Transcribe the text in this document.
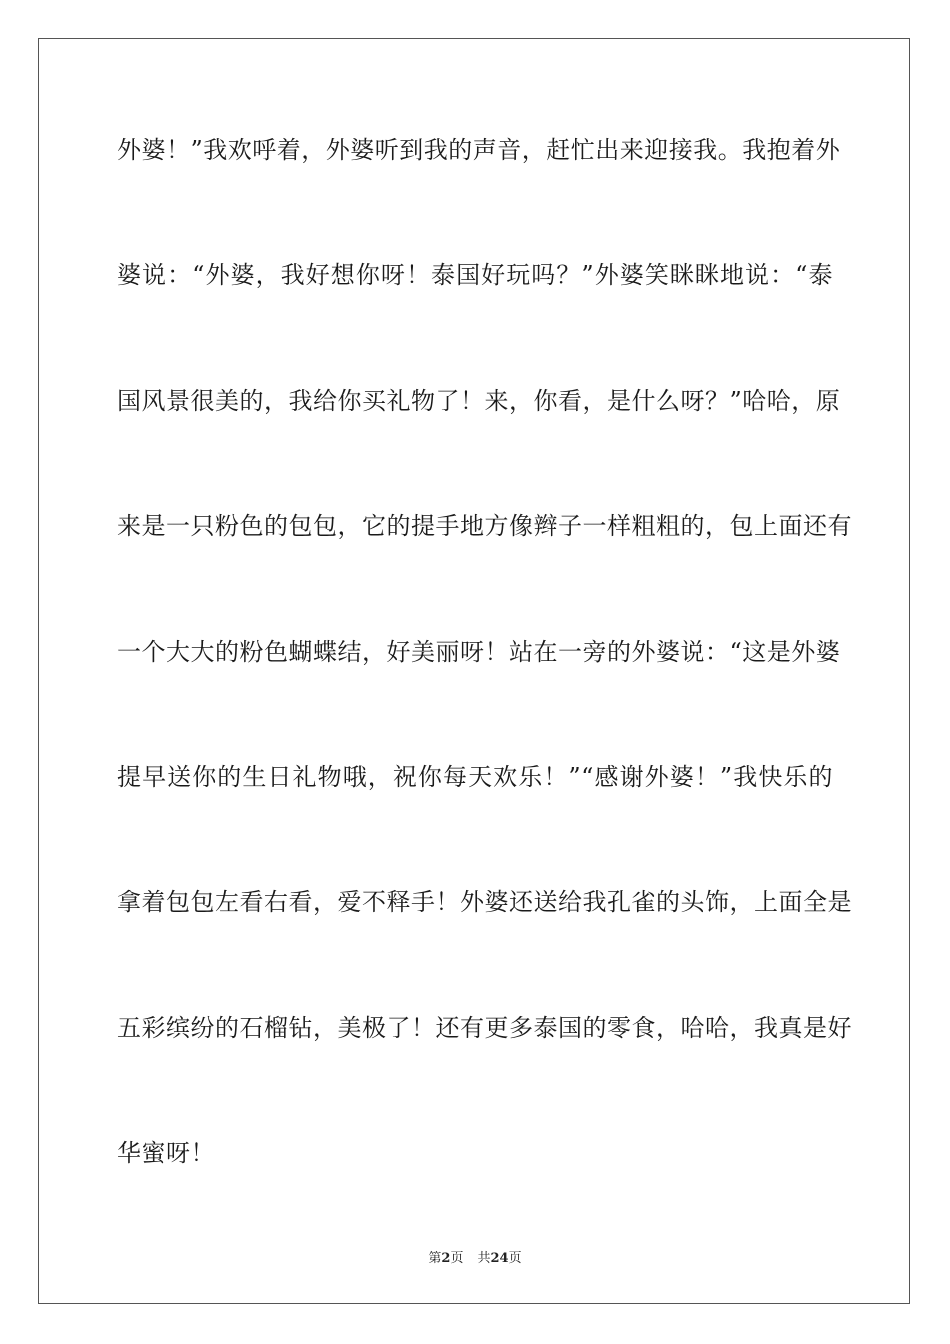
外婆！”我欢呼着，外婆听到我的声音，赶忙出来迎接我。我抱着外
婆说：“外婆，我好想你呀！泰国好玩吗？”外婆笑眯眯地说：“泰
国风景很美的，我给你买礼物了！来，你看，是什么呀？”哈哈，原
来是一只粉色的包包，它的提手地方像辫子一样粗粗的，包上面还有
一个大大的粉色蝴蝶结，好美丽呀！站在一旁的外婆说：“这是外婆
提早送你的生日礼物哦，祝你每天欢乐！”“感谢外婆！”我快乐的
拿着包包左看右看，爱不释手！外婆还送给我孔雀的头饰，上面全是
五彩缤纷的石榴钻，美极了！还有更多泰国的零食，哈哈，我真是好
华蜜呀！
第2页 共24页
